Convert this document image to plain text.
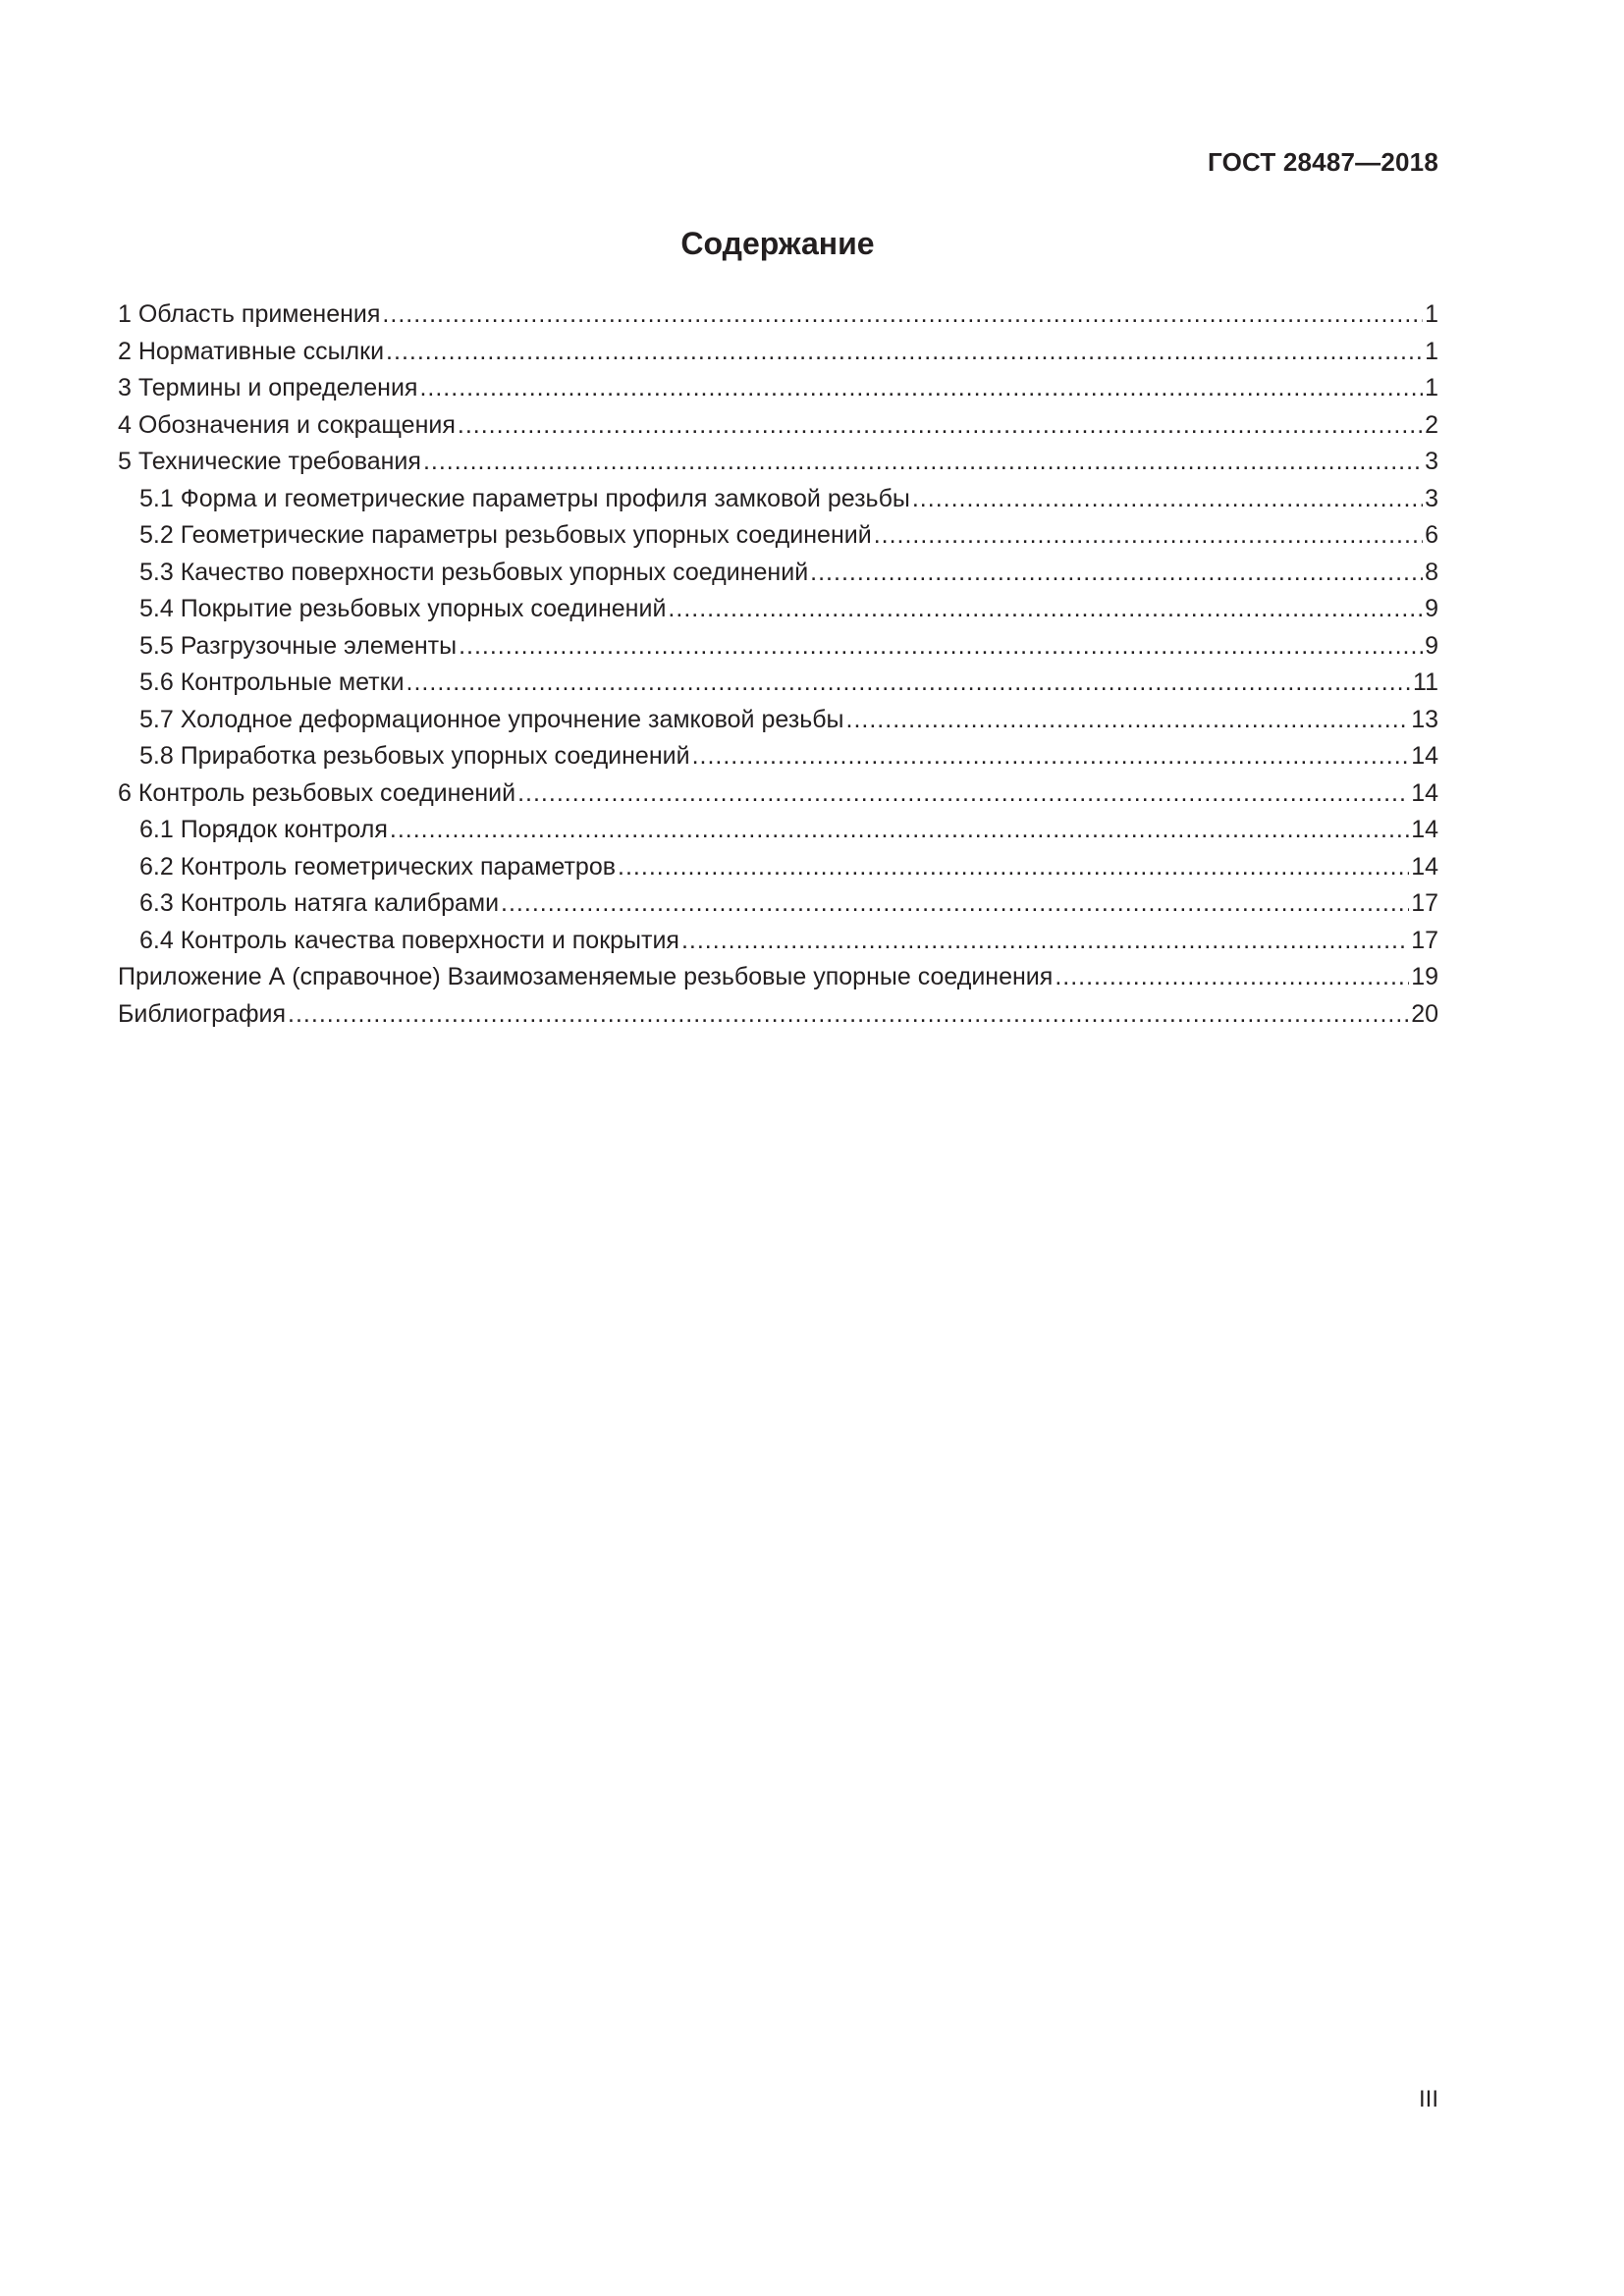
ГОСТ 28487—2018
Содержание
1 Область применения .....	1
2 Нормативные ссылки .....	1
3 Термины и определения .....	1
4 Обозначения и сокращения .....	2
5 Технические требования .....	3
5.1 Форма и геометрические параметры профиля замковой резьбы .....	3
5.2 Геометрические параметры резьбовых упорных соединений .....	6
5.3 Качество поверхности резьбовых упорных соединений .....	8
5.4 Покрытие резьбовых упорных соединений .....	9
5.5 Разгрузочные элементы .....	9
5.6 Контрольные метки .....	11
5.7 Холодное деформационное упрочнение замковой резьбы .....	13
5.8 Приработка резьбовых упорных соединений .....	14
6 Контроль резьбовых соединений .....	14
6.1 Порядок контроля .....	14
6.2 Контроль геометрических параметров .....	14
6.3 Контроль натяга калибрами .....	17
6.4 Контроль качества поверхности и покрытия .....	17
Приложение А (справочное) Взаимозаменяемые резьбовые упорные соединения .....	19
Библиография .....	20
III
